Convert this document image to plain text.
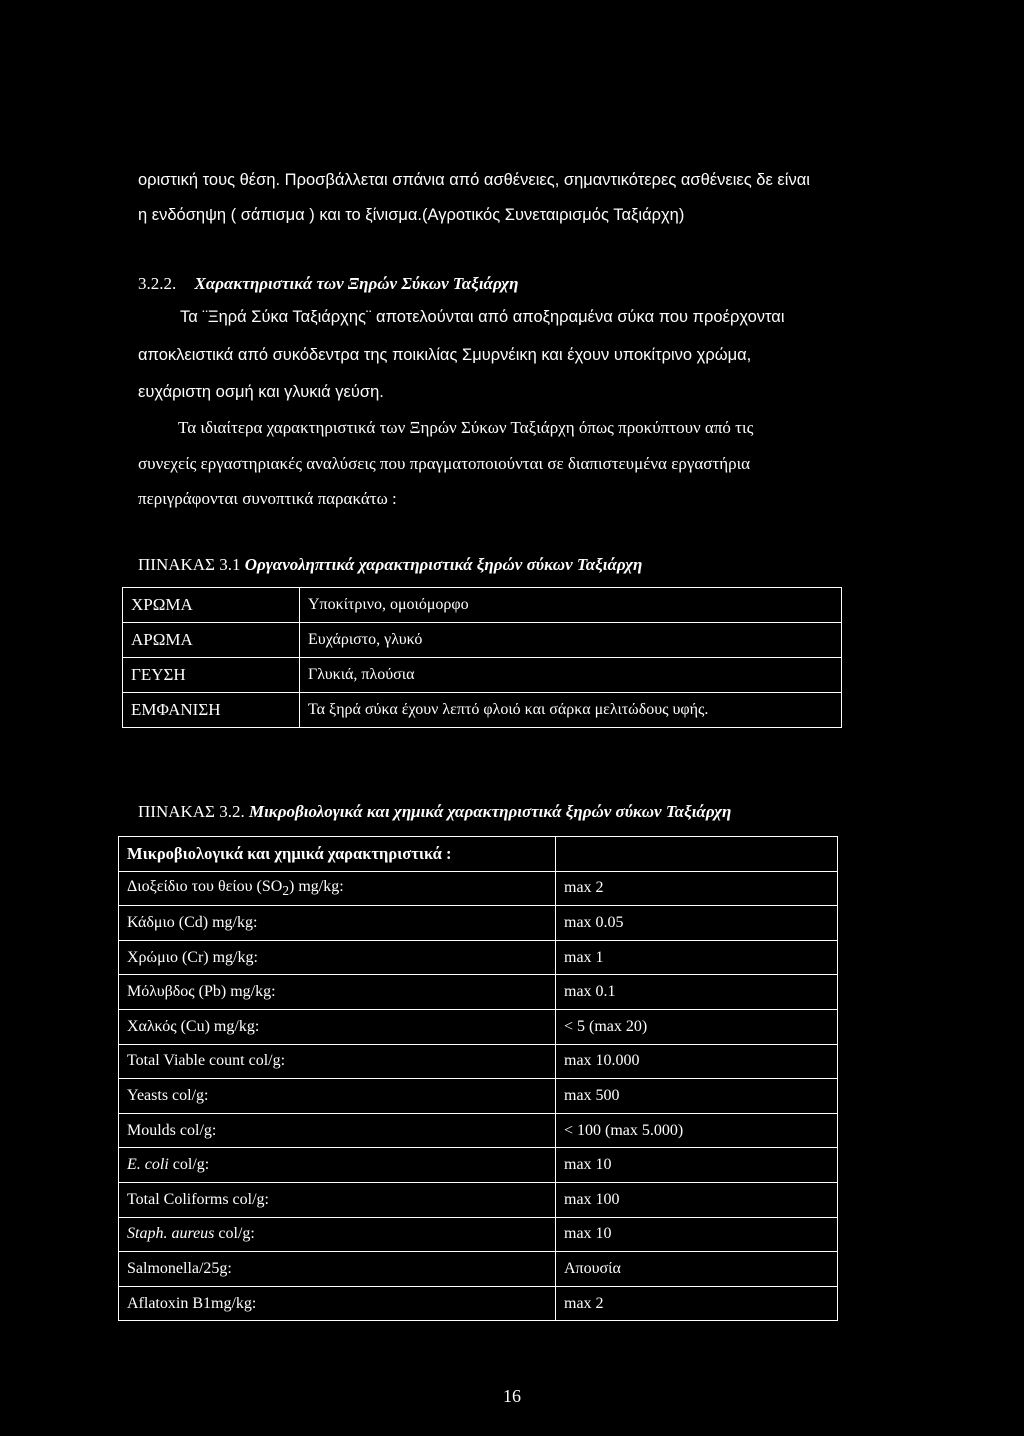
οριστική τους θέση. Προσβάλλεται σπάνια από ασθένειες, σημαντικότερες ασθένειες δε είναι
η ενδόσηψη ( σάπισμα ) και το ξίνισμα.(Αγροτικός Συνεταιρισμός Ταξιάρχη)
3.2.2. Χαρακτηριστικά των Ξηρών Σύκων Ταξιάρχη
Τα ¨Ξηρά Σύκα Ταξιάρχης¨ αποτελούνται από αποξηραμένα σύκα που προέρχονται
αποκλειστικά από συκόδεντρα της ποικιλίας Σμυρνέικη και έχουν υποκίτρινο χρώμα,
ευχάριστη οσμή και γλυκιά γεύση.
Τα ιδιαίτερα χαρακτηριστικά των Ξηρών Σύκων Ταξιάρχη όπως προκύπτουν από τις
συνεχείς εργαστηριακές αναλύσεις που πραγματοποιούνται σε διαπιστευμένα εργαστήρια
περιγράφονται συνοπτικά παρακάτω :
ΠΙΝΑΚΑΣ 3.1 Οργανοληπτικά χαρακτηριστικά ξηρών σύκων Ταξιάρχη
ΧΡΩΜΑ	Υποκίτρινο, ομοιόμορφο
ΑΡΩΜΑ	Ευχάριστο, γλυκό
ΓΕΥΣΗ	Γλυκιά, πλούσια
ΕΜΦΑΝΙΣΗ	Τα ξηρά σύκα έχουν λεπτό φλοιό και σάρκα μελιτώδους υφής.
ΠΙΝΑΚΑΣ 3.2. Μικροβιολογικά και χημικά χαρακτηριστικά ξηρών σύκων Ταξιάρχη
Μικροβιολογικά και χημικά χαρακτηριστικά :	
Διοξείδιο του θείου $(SO_2)$ mg/kg:	max 2
Κάδμιο (Cd) mg/kg:	max 0.05
Χρώμιο (Cr) mg/kg:	max 1
Μόλυβδος (Pb) mg/kg:	max 0.1
Χαλκός (Cu) mg/kg:	< 5 (max 20)
Total Viable count col/g:	max 10.000
Yeasts col/g:	max 500
Moulds col/g:	< 100 (max 5.000)
E. coli col/g:	max 10
Total Coliforms col/g:	max 100
Staph. aureus col/g:	max 10
Salmonella/25g:	Απουσία
Aflatoxin B1mg/kg:	max 2
16
